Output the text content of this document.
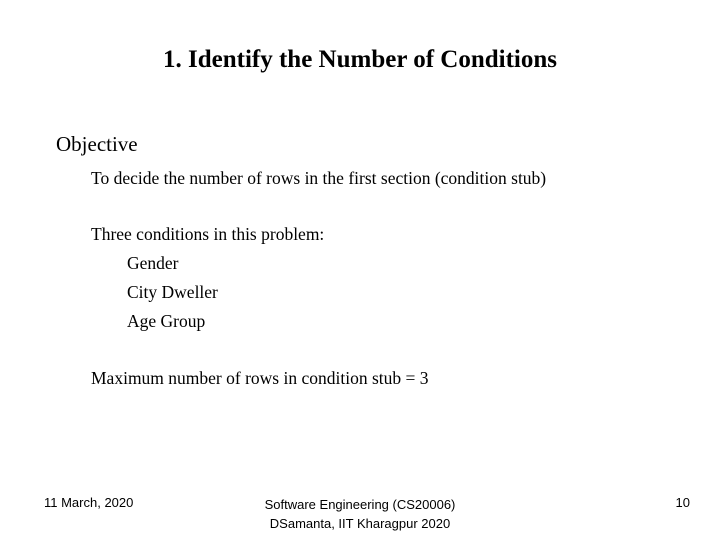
1. Identify the Number of Conditions
Objective
To decide the number of rows in the first section (condition stub)
Three conditions in this problem:
Gender
City Dweller
Age Group
Maximum number of rows in condition stub = 3
11 March, 2020	Software Engineering (CS20006)
DSamanta, IIT Kharagpur 2020
10
